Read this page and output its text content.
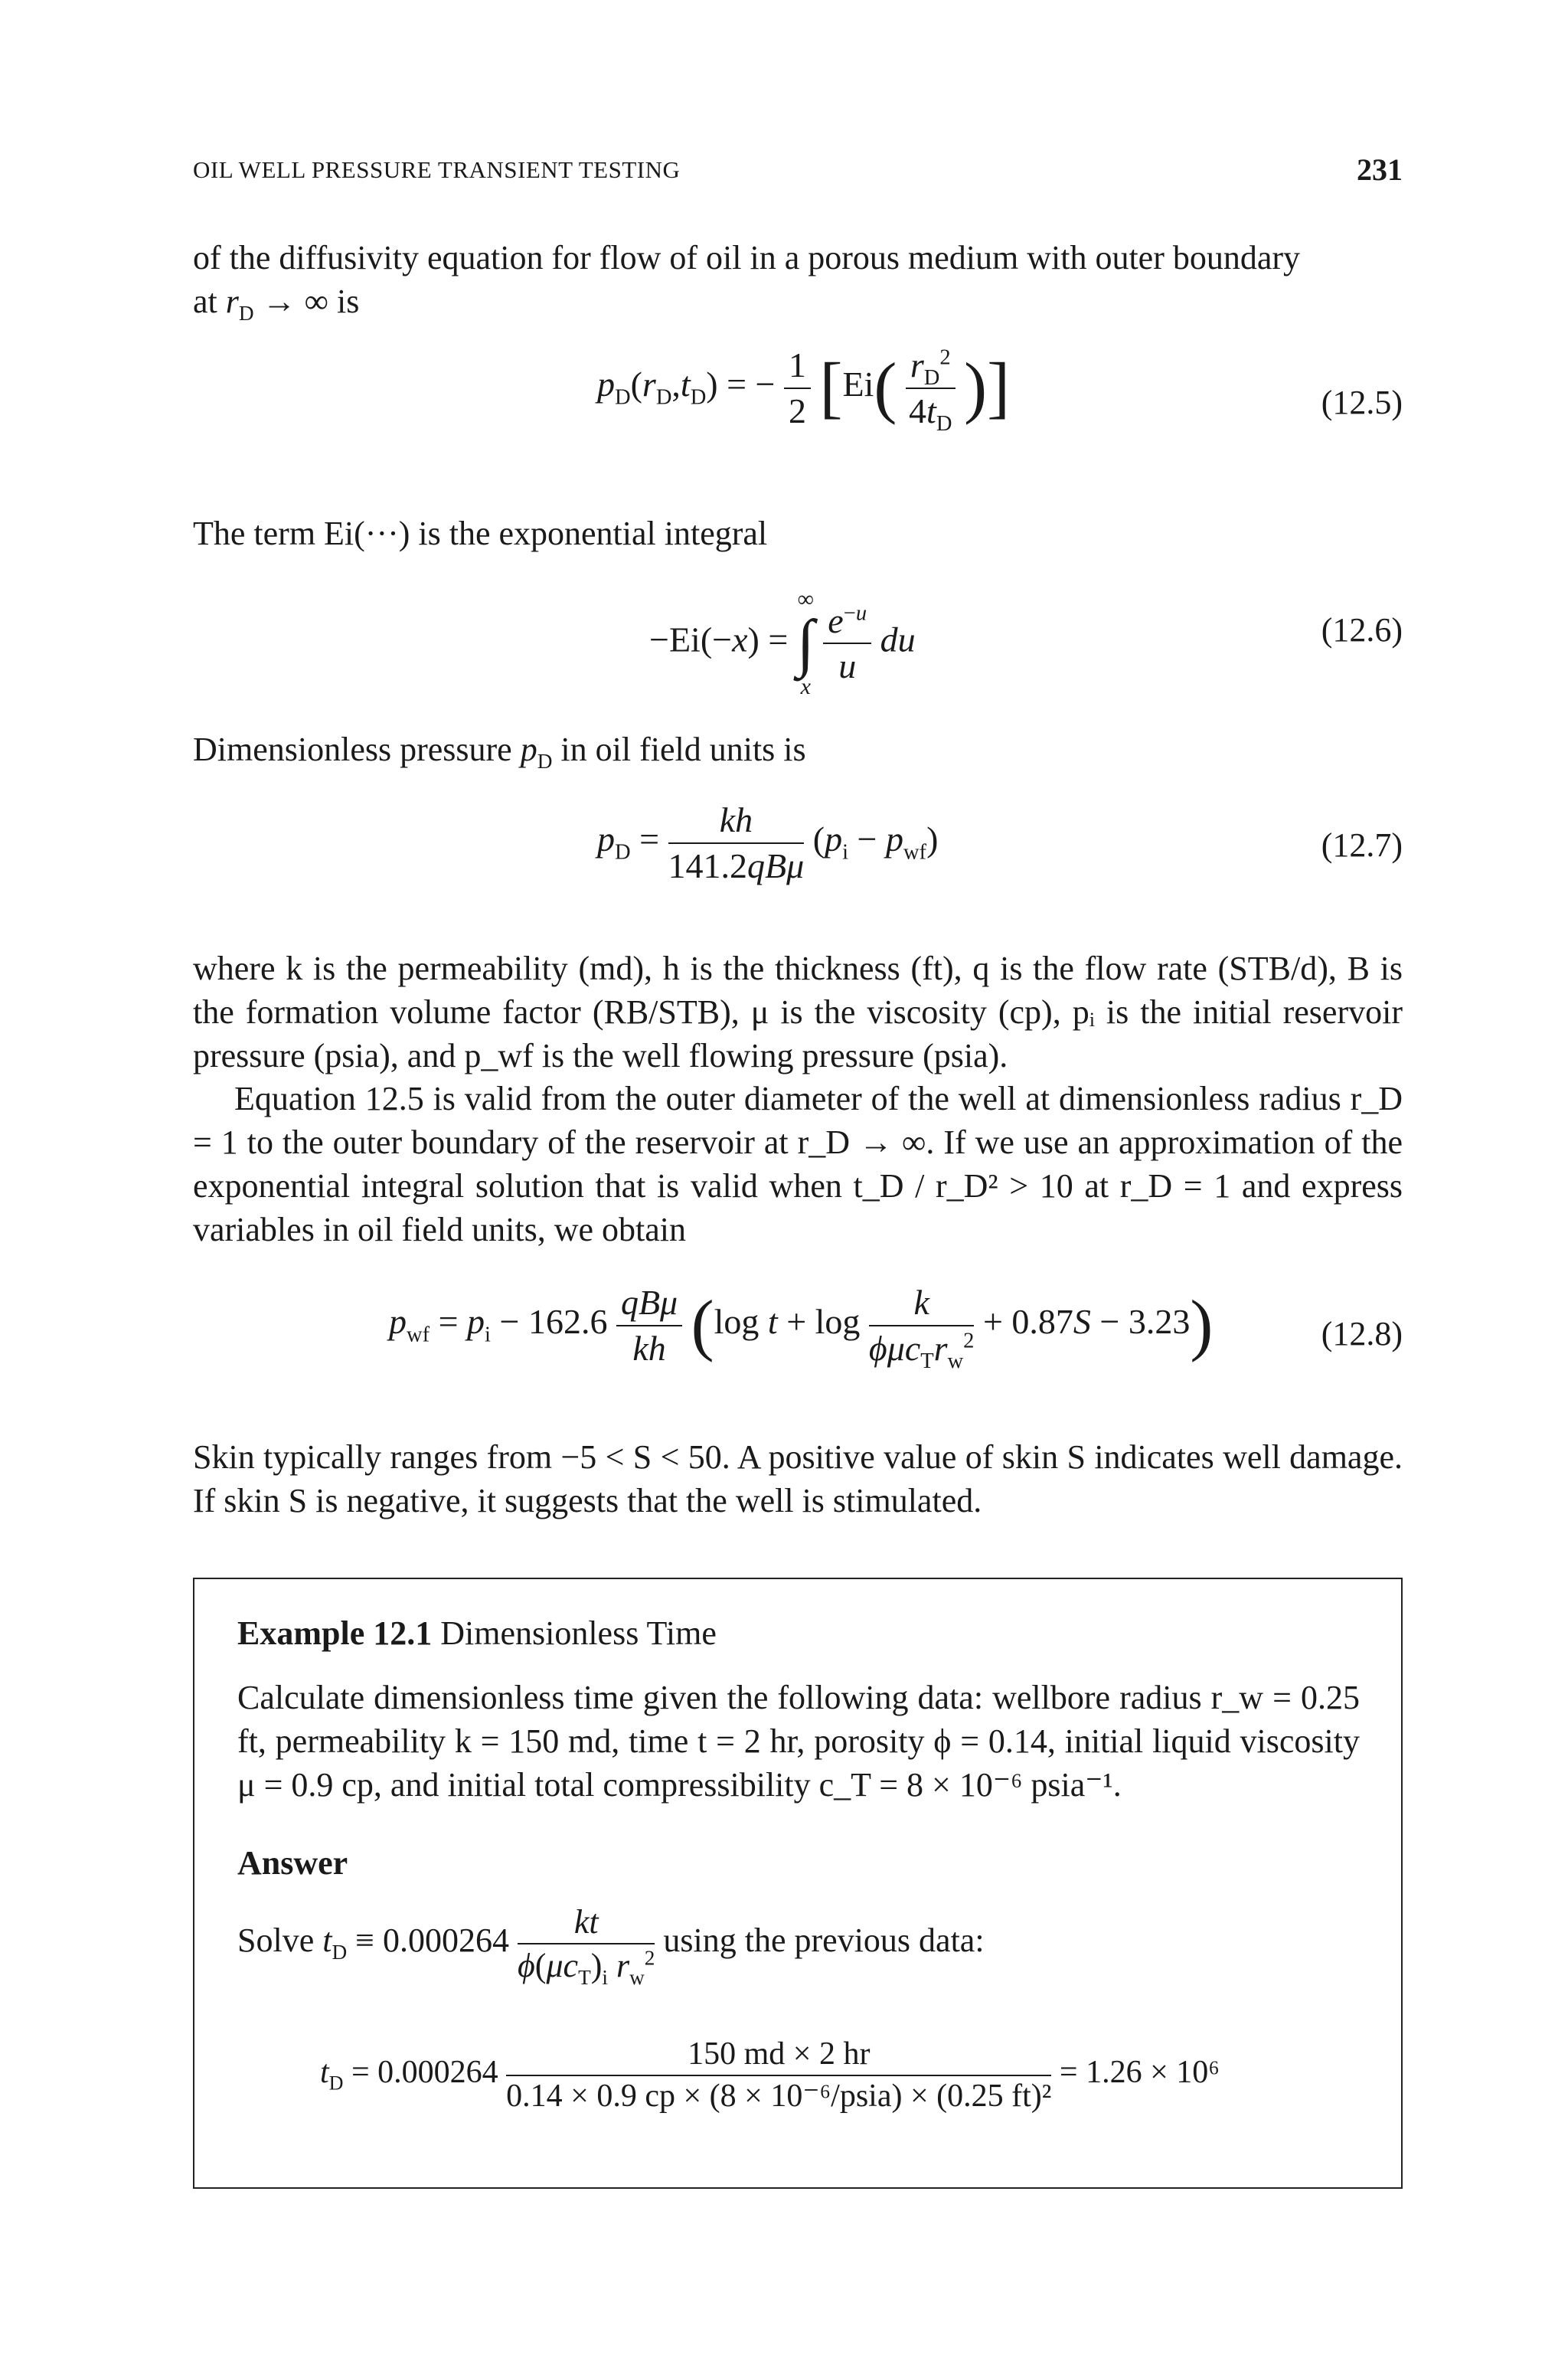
OIL WELL PRESSURE TRANSIENT TESTING	231

of the diffusivity equation for flow of oil in a porous medium with outer boundary

at $r_D$ → ∞ is

$p_D(r_D,t_D)$ = − $\frac{1}{2} [Ei( \frac{r_D^2}{4t_D}$ )]	(12.5)

The term Ei(···) is the exponential integral

−Ei(−x) =
∞
∫
x
$\frac{e^{-u}}{u}$ du	(12.6)

Dimensionless pressure $p_D$ in oil field units is

$p_D$ =	kh
141.2qBμ
$(p_i - p_{wf})$	(12.7)

where k is the permeability (md), h is the thickness (ft), q is the flow rate (STB/d), B is the formation volume factor (RB/STB), μ is the viscosity (cp), pᵢ is the initial reservoir pressure (psia), and p_wf is the well flowing pressure (psia).

Equation 12.5 is valid from the outer diameter of the well at dimensionless radius r_D = 1 to the outer boundary of the reservoir at r_D → ∞. If we use an approximation of the exponential integral solution that is valid when t_D / r_D² > 10 at r_D = 1 and express variables in oil field units, we obtain

$p_{wf} = p_i - 162.6$ qBμ
kh (log t + log	k
$\phi\mu c_Tr_w^2 + 0.87S - 3.23$)	(12.8)

Skin typically ranges from −5 < S < 50. A positive value of skin S indicates well damage. If skin S is negative, it suggests that the well is stimulated.

Example 12.1 Dimensionless Time

Calculate dimensionless time given the following data: wellbore radius r_w = 0.25 ft, permeability k = 150 md, time t = 2 hr, porosity ϕ = 0.14, initial liquid viscosity μ = 0.9 cp, and initial total compressibility c_T = 8 × 10⁻⁶ psia⁻¹.

Answer

Solve $t_D \equiv 0.000264$	kt
$\phi(\mu c_T)_i$ $r_w^2$ using the previous data:
$t_D = 0.000264$
150 md × 2 hr
0.14 × 0.9 cp × (8 × 10⁻⁶/psia) × (0.25 ft)²
= 1.26 × 10⁶
